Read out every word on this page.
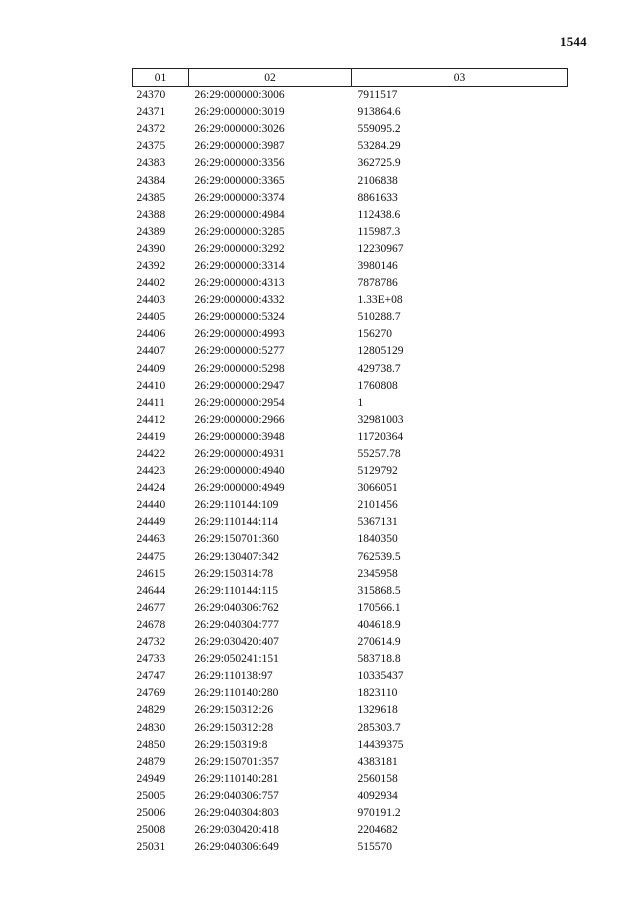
1544
01	02	03
24370	26:29:000000:3006	7911517
24371	26:29:000000:3019	913864.6
24372	26:29:000000:3026	559095.2
24375	26:29:000000:3987	53284.29
24383	26:29:000000:3356	362725.9
24384	26:29:000000:3365	2106838
24385	26:29:000000:3374	8861633
24388	26:29:000000:4984	112438.6
24389	26:29:000000:3285	115987.3
24390	26:29:000000:3292	12230967
24392	26:29:000000:3314	3980146
24402	26:29:000000:4313	7878786
24403	26:29:000000:4332	1.33E+08
24405	26:29:000000:5324	510288.7
24406	26:29:000000:4993	156270
24407	26:29:000000:5277	12805129
24409	26:29:000000:5298	429738.7
24410	26:29:000000:2947	1760808
24411	26:29:000000:2954	1
24412	26:29:000000:2966	32981003
24419	26:29:000000:3948	11720364
24422	26:29:000000:4931	55257.78
24423	26:29:000000:4940	5129792
24424	26:29:000000:4949	3066051
24440	26:29:110144:109	2101456
24449	26:29:110144:114	5367131
24463	26:29:150701:360	1840350
24475	26:29:130407:342	762539.5
24615	26:29:150314:78	2345958
24644	26:29:110144:115	315868.5
24677	26:29:040306:762	170566.1
24678	26:29:040304:777	404618.9
24732	26:29:030420:407	270614.9
24733	26:29:050241:151	583718.8
24747	26:29:110138:97	10335437
24769	26:29:110140:280	1823110
24829	26:29:150312:26	1329618
24830	26:29:150312:28	285303.7
24850	26:29:150319:8	14439375
24879	26:29:150701:357	4383181
24949	26:29:110140:281	2560158
25005	26:29:040306:757	4092934
25006	26:29:040304:803	970191.2
25008	26:29:030420:418	2204682
25031	26:29:040306:649	515570
